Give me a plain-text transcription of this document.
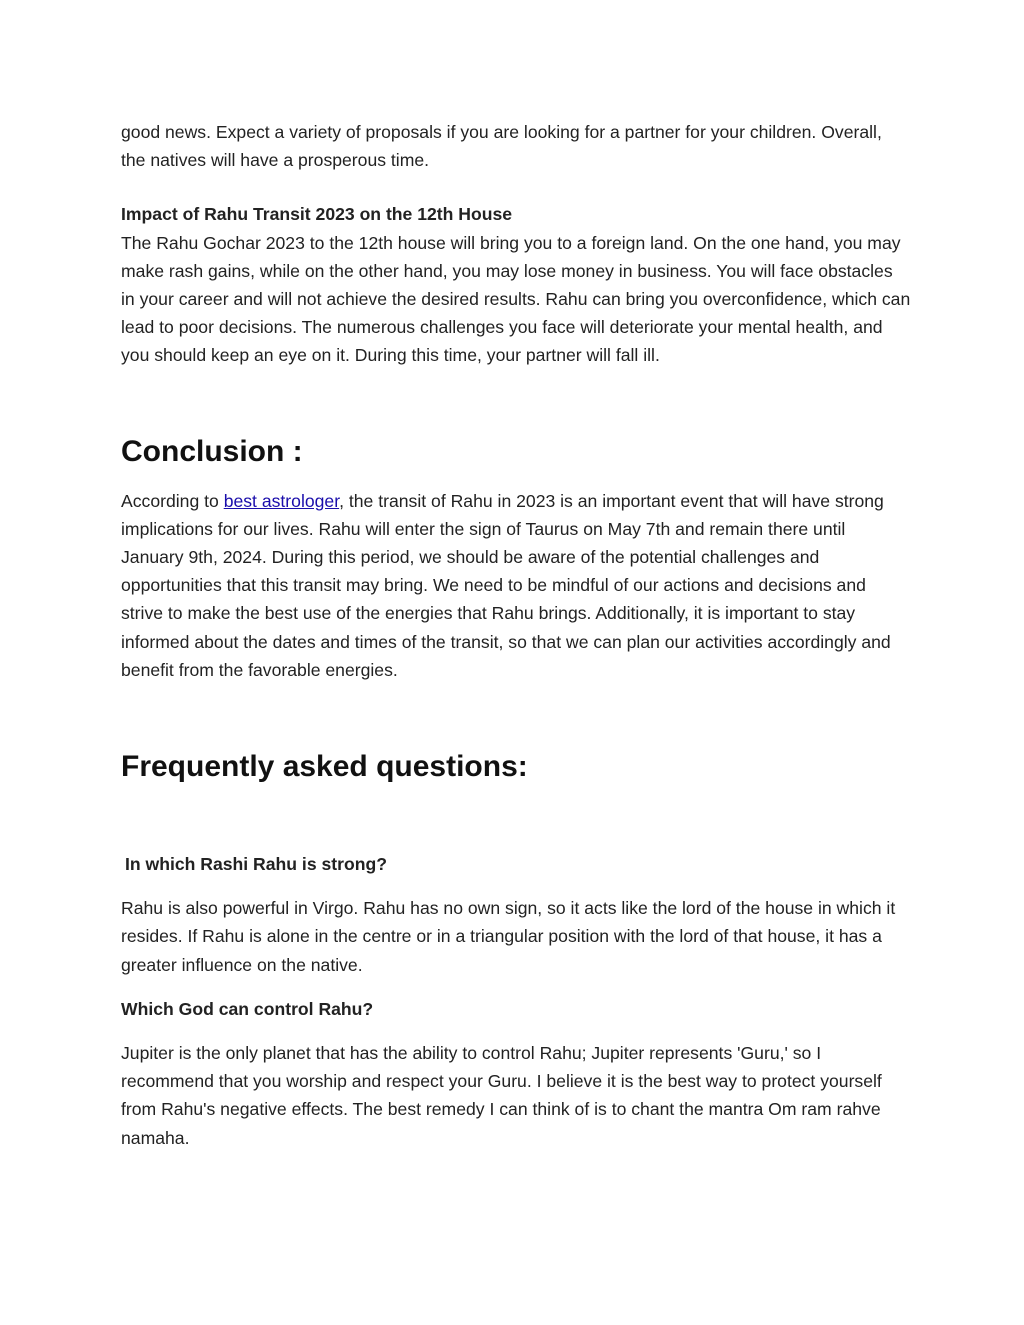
good news. Expect a variety of proposals if you are looking for a partner for your children. Overall, the natives will have a prosperous time.

Impact of Rahu Transit 2023 on the 12th House
The Rahu Gochar 2023 to the 12th house will bring you to a foreign land. On the one hand, you may make rash gains, while on the other hand, you may lose money in business. You will face obstacles in your career and will not achieve the desired results. Rahu can bring you overconfidence, which can lead to poor decisions. The numerous challenges you face will deteriorate your mental health, and you should keep an eye on it. During this time, your partner will fall ill.

Conclusion :

According to best astrologer, the transit of Rahu in 2023 is an important event that will have strong implications for our lives. Rahu will enter the sign of Taurus on May 7th and remain there until January 9th, 2024. During this period, we should be aware of the potential challenges and opportunities that this transit may bring. We need to be mindful of our actions and decisions and strive to make the best use of the energies that Rahu brings. Additionally, it is important to stay informed about the dates and times of the transit, so that we can plan our activities accordingly and benefit from the favorable energies.

Frequently asked questions:

In which Rashi Rahu is strong?

Rahu is also powerful in Virgo. Rahu has no own sign, so it acts like the lord of the house in which it resides. If Rahu is alone in the centre or in a triangular position with the lord of that house, it has a greater influence on the native.

Which God can control Rahu?

Jupiter is the only planet that has the ability to control Rahu; Jupiter represents 'Guru,' so I recommend that you worship and respect your Guru. I believe it is the best way to protect yourself from Rahu's negative effects. The best remedy I can think of is to chant the mantra Om ram rahve namaha.
